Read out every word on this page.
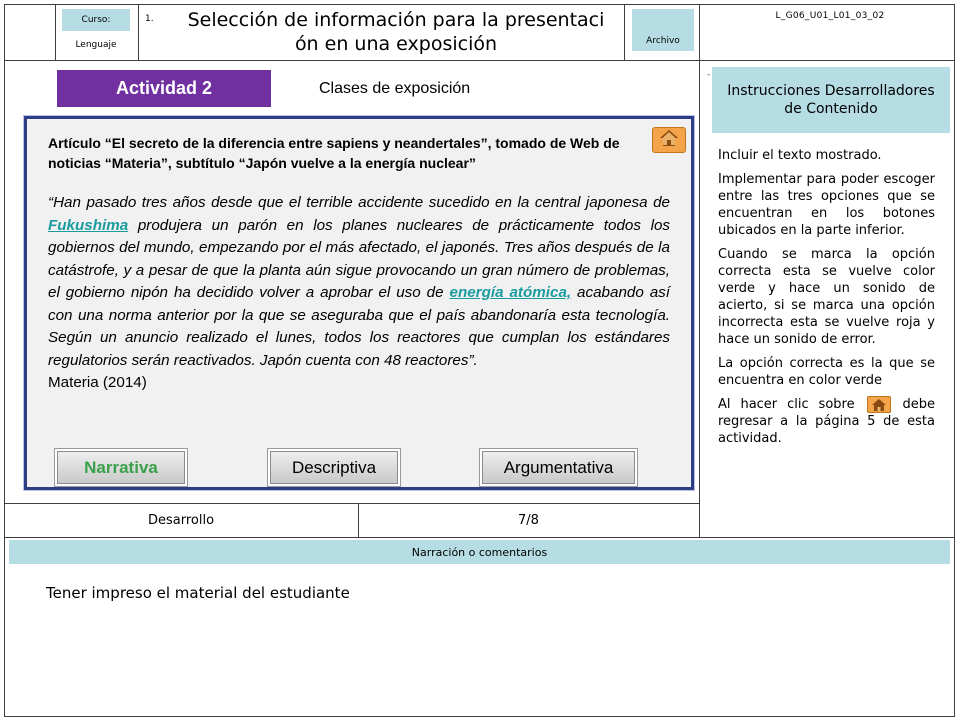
Curso:
Lenguaje
1.	Selección de información para la presentaci ón en una exposición	Archivo
L_G06_U01_L01_03_02
Actividad 2	Clases de exposición
-
Artículo “El secreto de la diferencia entre sapiens y neandertales”, tomado de Web de noticias “Materia”, subtítulo “Japón vuelve a la energía nuclear”
“Han pasado tres años desde que el terrible accidente sucedido en la central japonesa de Fukushima produjera un parón en los planes nucleares de prácticamente todos los gobiernos del mundo, empezando por el más afectado, el japonés. Tres años después de la catástrofe, y a pesar de que la planta aún sigue provocando un gran número de problemas, el gobierno nipón ha decidido volver a aprobar el uso de energía atómica, acabando así con una norma anterior por la que se aseguraba que el país abandonaría esta tecnología. Según un anuncio realizado el lunes, todos los reactores que cumplan los estándares regulatorios serán reactivados. Japón cuenta con 48 reactores”.
Materia (2014)
Narrativa	Descriptiva	Argumentativa
Instrucciones Desarrolladores de Contenido

Incluir el texto mostrado.

Implementar para poder escoger entre las tres opciones que se encuentran en los botones ubicados en la parte inferior.

Cuando se marca la opción correcta esta se vuelve color verde y hace un sonido de acierto, si se marca una opción incorrecta esta se vuelve roja y hace un sonido de error.

La opción correcta es la que se encuentra en color verde

Al hacer clic sobre	debe regresar a la página 5 de esta actividad.

Desarrollo	7/8
Narración o comentarios
Tener impreso el material del estudiante
